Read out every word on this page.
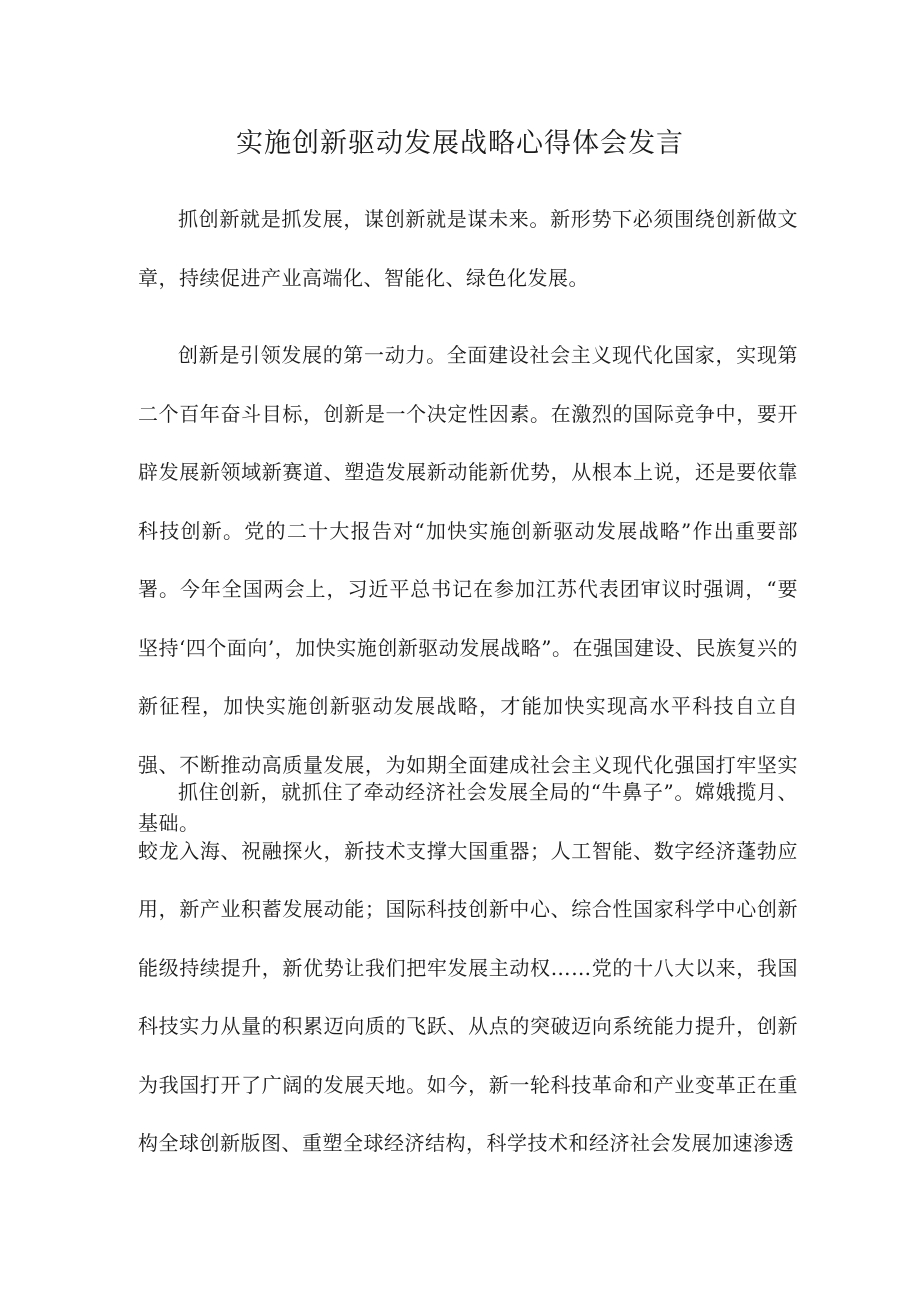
实施创新驱动发展战略心得体会发言

抓创新就是抓发展，谋创新就是谋未来。新形势下必须围绕创新做文章，持续促进产业高端化、智能化、绿色化发展。

创新是引领发展的第一动力。全面建设社会主义现代化国家，实现第二个百年奋斗目标，创新是一个决定性因素。在激烈的国际竞争中，要开辟发展新领域新赛道、塑造发展新动能新优势，从根本上说，还是要依靠科技创新。党的二十大报告对“加快实施创新驱动发展战略”作出重要部署。今年全国两会上，习近平总书记在参加江苏代表团审议时强调，“要坚持‘四个面向’，加快实施创新驱动发展战略”。在强国建设、民族复兴的新征程，加快实施创新驱动发展战略，才能加快实现高水平科技自立自强、不断推动高质量发展，为如期全面建成社会主义现代化强国打牢坚实基础。

抓住创新，就抓住了牵动经济社会发展全局的“牛鼻子”。嫦娥揽月、蛟龙入海、祝融探火，新技术支撑大国重器；人工智能、数字经济蓬勃应用，新产业积蓄发展动能；国际科技创新中心、综合性国家科学中心创新能级持续提升，新优势让我们把牢发展主动权……党的十八大以来，我国科技实力从量的积累迈向质的飞跃、从点的突破迈向系统能力提升，创新为我国打开了广阔的发展天地。如今，新一轮科技革命和产业变革正在重构全球创新版图、重塑全球经济结构，科学技术和经济社会发展加速渗透
